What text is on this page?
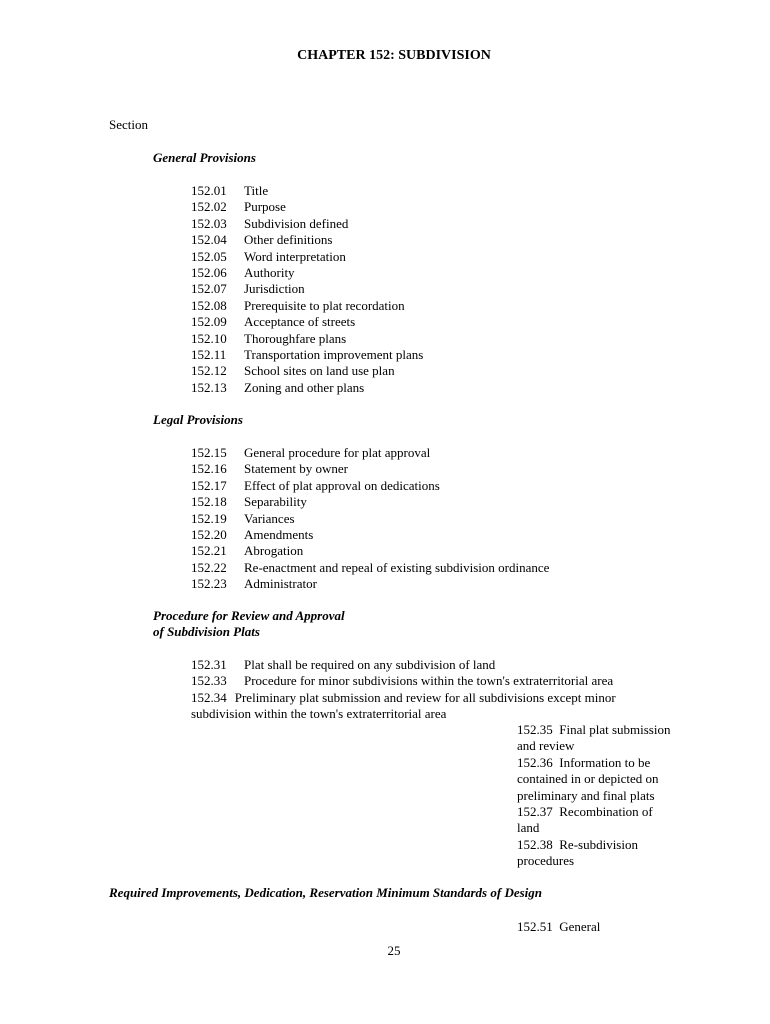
CHAPTER 152: SUBDIVISION
Section
General Provisions
152.01 Title
152.02 Purpose
152.03 Subdivision defined
152.04 Other definitions
152.05 Word interpretation
152.06 Authority
152.07 Jurisdiction
152.08 Prerequisite to plat recordation
152.09 Acceptance of streets
152.10 Thoroughfare plans
152.11 Transportation improvement plans
152.12 School sites on land use plan
152.13 Zoning and other plans
Legal Provisions
152.15 General procedure for plat approval
152.16 Statement by owner
152.17 Effect of plat approval on dedications
152.18 Separability
152.19 Variances
152.20 Amendments
152.21 Abrogation
152.22 Re-enactment and repeal of existing subdivision ordinance
152.23 Administrator
Procedure for Review and Approval
of Subdivision Plats
152.31 Plat shall be required on any subdivision of land
152.33 Procedure for minor subdivisions within the town's extraterritorial area
152.34 Preliminary plat submission and review for all subdivisions except minor subdivision within the town's extraterritorial area

152.35 Final plat submission and review

152.36 Information to be contained in or depicted on preliminary and final plats

152.37 Recombination of land

152.38 Re-subdivision procedures

Required Improvements, Dedication, Reservation Minimum Standards of Design

152.51 General

25
